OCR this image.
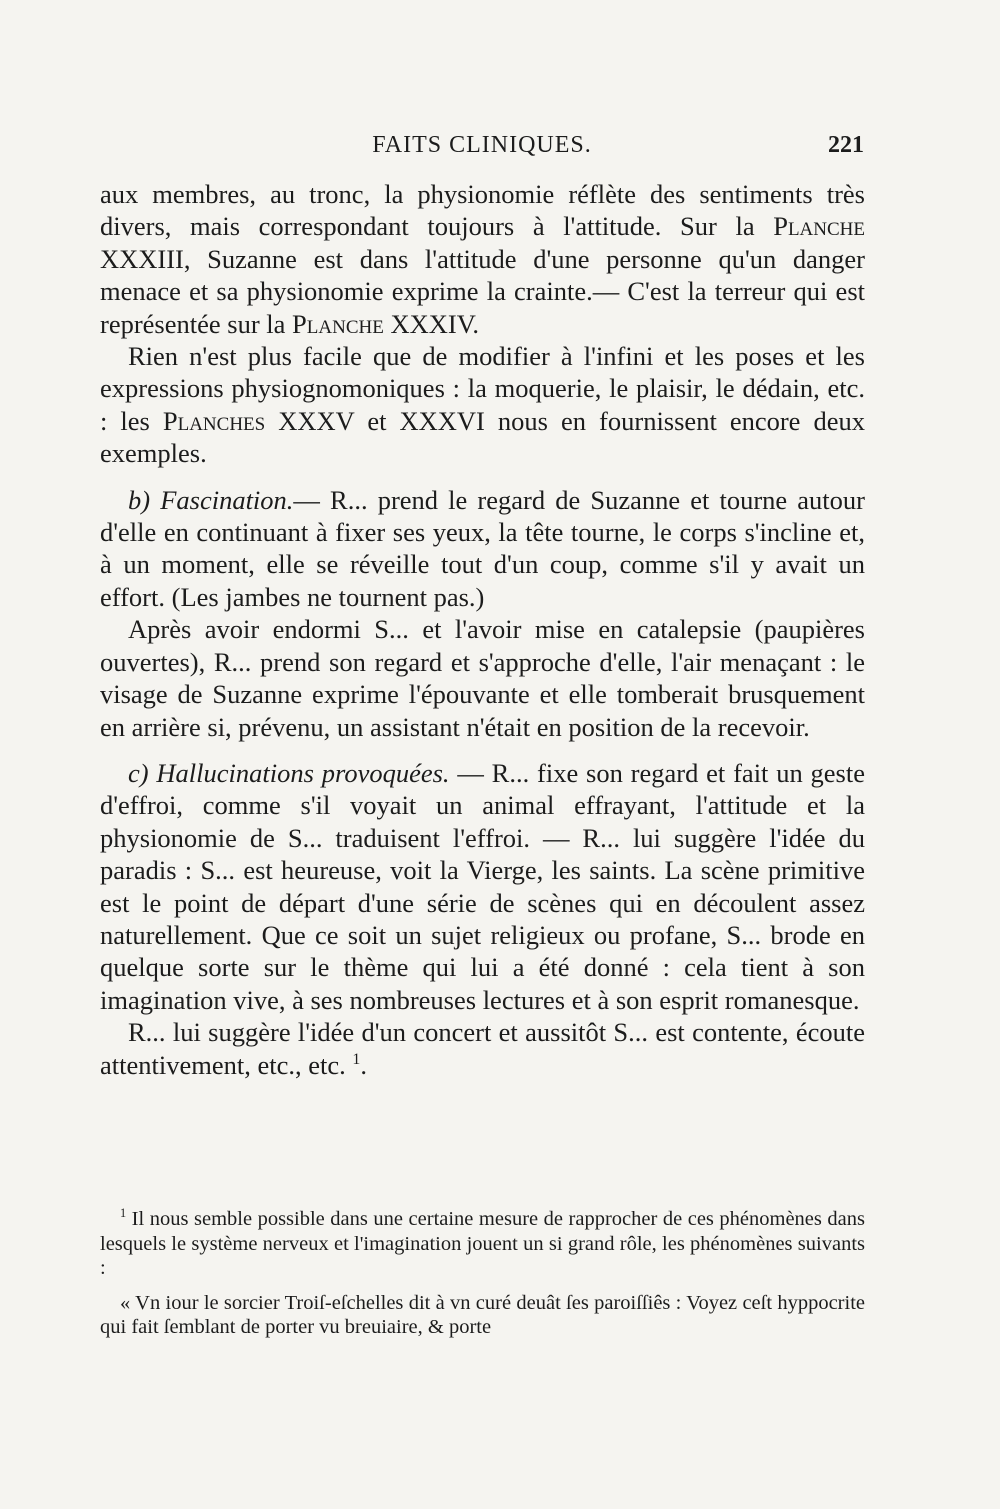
FAITS CLINIQUES.	221

aux membres, au tronc, la physionomie réflète des sentiments très divers, mais correspondant toujours à l'attitude. Sur la Planche XXXIII, Suzanne est dans l'attitude d'une personne qu'un danger menace et sa physionomie exprime la crainte.— C'est la terreur qui est représentée sur la Planche XXXIV.

Rien n'est plus facile que de modifier à l'infini et les poses et les expressions physiognomoniques : la moquerie, le plaisir, le dédain, etc. : les Planches XXXV et XXXVI nous en fournissent encore deux exemples.

b) Fascination.— R... prend le regard de Suzanne et tourne autour d'elle en continuant à fixer ses yeux, la tête tourne, le corps s'incline et, à un moment, elle se réveille tout d'un coup, comme s'il y avait un effort. (Les jambes ne tournent pas.)

Après avoir endormi S... et l'avoir mise en catalepsie (paupières ouvertes), R... prend son regard et s'approche d'elle, l'air menaçant : le visage de Suzanne exprime l'épouvante et elle tomberait brusquement en arrière si, prévenu, un assistant n'était en position de la recevoir.

c) Hallucinations provoquées. — R... fixe son regard et fait un geste d'effroi, comme s'il voyait un animal effrayant, l'attitude et la physionomie de S... traduisent l'effroi. — R... lui suggère l'idée du paradis : S... est heureuse, voit la Vierge, les saints. La scène primitive est le point de départ d'une série de scènes qui en découlent assez naturellement. Que ce soit un sujet religieux ou profane, S... brode en quelque sorte sur le thème qui lui a été donné : cela tient à son imagination vive, à ses nombreuses lectures et à son esprit romanesque.

R... lui suggère l'idée d'un concert et aussitôt S... est contente, écoute attentivement, etc., etc. $^1$.

$^1$ Il nous semble possible dans une certaine mesure de rapprocher de ces phénomènes dans lesquels le système nerveux et l'imagination jouent un si grand rôle, les phénomènes suivants :

« Vn iour le sorcier Troiſ-eſchelles dit à vn curé deuât ſes paroiſſiês : Voyez ceſt hyppocrite qui fait ſemblant de porter vu breuiaire, & porte
